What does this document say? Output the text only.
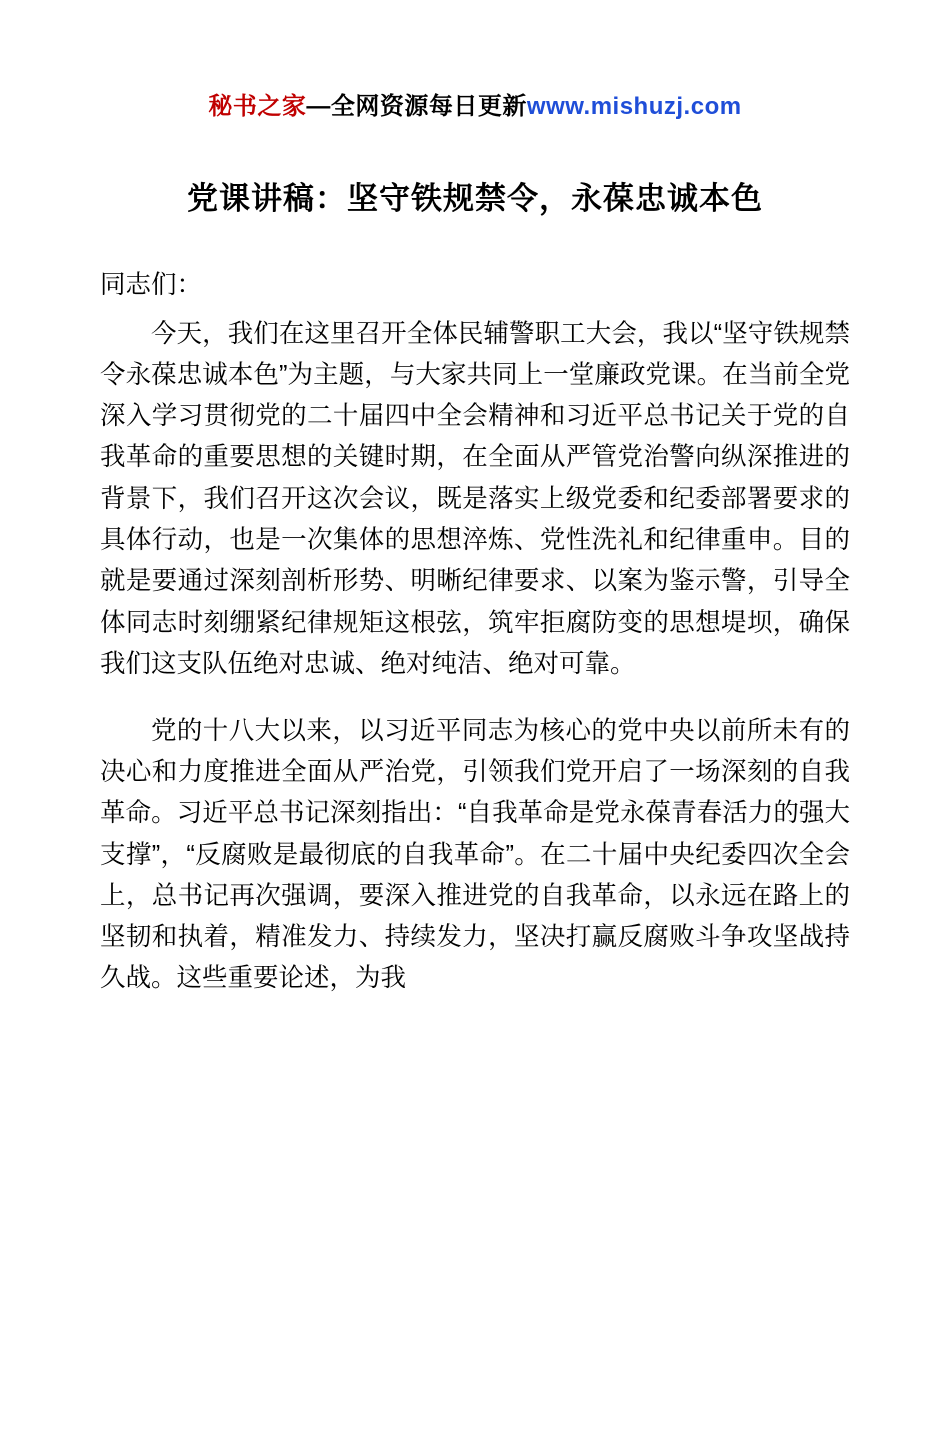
秘书之家—全网资源每日更新www.mishuzj.com
党课讲稿：坚守铁规禁令，永葆忠诚本色
同志们：

今天，我们在这里召开全体民辅警职工大会，我以“坚守铁规禁令永葆忠诚本色”为主题，与大家共同上一堂廉政党课。在当前全党深入学习贯彻党的二十届四中全会精神和习近平总书记关于党的自我革命的重要思想的关键时期，在全面从严管党治警向纵深推进的背景下，我们召开这次会议，既是落实上级党委和纪委部署要求的具体行动，也是一次集体的思想淬炼、党性洗礼和纪律重申。目的就是要通过深刻剖析形势、明晰纪律要求、以案为鉴示警，引导全体同志时刻绷紧纪律规矩这根弦，筑牢拒腐防变的思想堤坝，确保我们这支队伍绝对忠诚、绝对纯洁、绝对可靠。

党的十八大以来，以习近平同志为核心的党中央以前所未有的决心和力度推进全面从严治党，引领我们党开启了一场深刻的自我革命。习近平总书记深刻指出：“自我革命是党永葆青春活力的强大支撑”，“反腐败是最彻底的自我革命”。在二十届中央纪委四次全会上，总书记再次强调，要深入推进党的自我革命，以永远在路上的坚韧和执着，精准发力、持续发力，坚决打赢反腐败斗争攻坚战持久战。这些重要论述，为我
